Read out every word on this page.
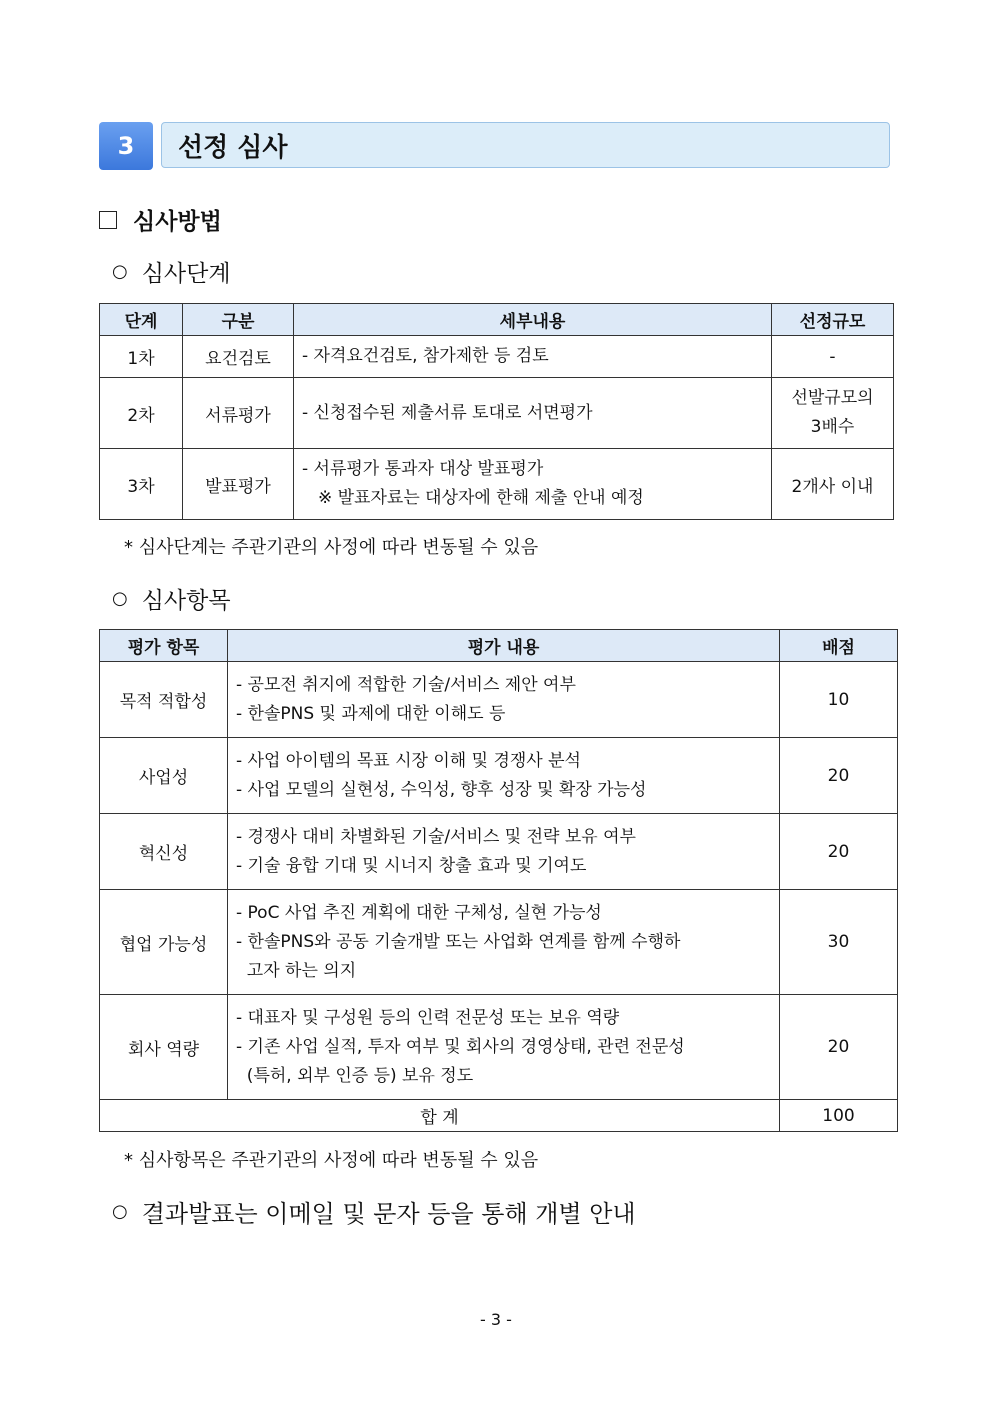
3	선정 심사
심사방법
○ 심사단계
단계	구분	세부내용	선정규모
1차	요건검토	- 자격요건검토, 참가제한 등 검토	-
2차	서류평가	- 신청접수된 제출서류 토대로 서면평가	선발규모의
3배수
3차	발표평가	- 서류평가 통과자 대상 발표평가
※ 발표자료는 대상자에 한해 제출 안내 예정	2개사 이내
* 심사단계는 주관기관의 사정에 따라 변동될 수 있음
○ 심사항목
평가 항목	평가 내용	배점
목적 적합성	- 공모전 취지에 적합한 기술/서비스 제안 여부
- 한솔PNS 및 과제에 대한 이해도 등	10
사업성	- 사업 아이템의 목표 시장 이해 및 경쟁사 분석
- 사업 모델의 실현성, 수익성, 향후 성장 및 확장 가능성	20
혁신성	- 경쟁사 대비 차별화된 기술/서비스 및 전략 보유 여부
- 기술 융합 기대 및 시너지 창출 효과 및 기여도	20
협업 가능성	- PoC 사업 추진 계획에 대한 구체성, 실현 가능성
- 한솔PNS와 공동 기술개발 또는 사업화 연계를 함께 수행하
고자 하는 의지	30
회사 역량	- 대표자 및 구성원 등의 인력 전문성 또는 보유 역량
- 기존 사업 실적, 투자 여부 및 회사의 경영상태, 관련 전문성
(특허, 외부 인증 등) 보유 정도	20
합 계		100
* 심사항목은 주관기관의 사정에 따라 변동될 수 있음
○ 결과발표는 이메일 및 문자 등을 통해 개별 안내
- 3 -
